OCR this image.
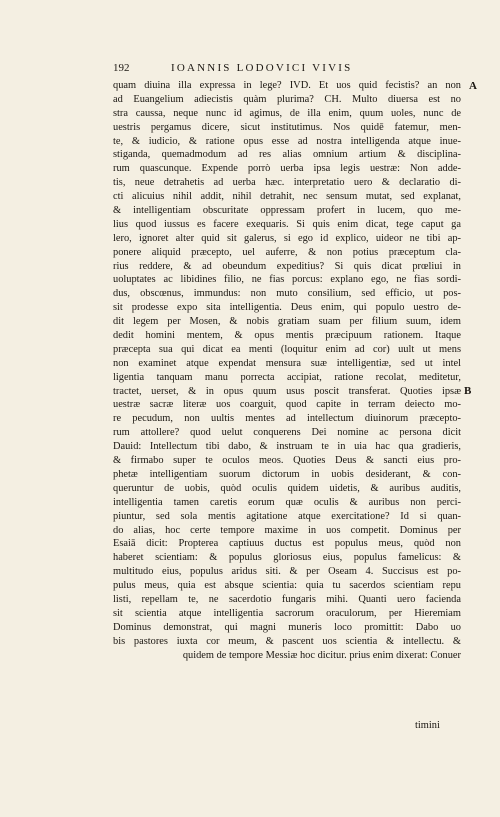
192	IOANNIS LODOVICI VIVIS
A
B
quam diuina illa expressa in lege? IVD. Et uos quid fecistis? an non
ad Euangelium adiecistis quàm plurima? CH. Multo diuersa est no
stra caussa, neque nunc id agimus, de illa enim, quum uoles, nunc de
uestris pergamus dicere, sicut institutimus. Nos quidē fatemur, men-
te, & iudicio, & ratione opus esse ad nostra intelligenda atque inue-
stiganda, quemadmodum ad res alias omnium artium & disciplina-
rum quascunque. Expende porrò uerba ipsa legis uestræ: Non adde-
tis, neue detrahetis ad uerba hæc. interpretatio uero & declaratio di-
cti alicuius nihil addit, nihil detrahit, nec sensum mutat, sed explanat,
& intelligentiam obscuritate oppressam profert in lucem, quo me-
lius quod iussus es facere exequaris. Si quis enim dicat, tege caput ga
lero, ignoret alter quid sit galerus, si ego id explico, uideor ne tibi ap-
ponere aliquid præcepto, uel auferre, & non potius præceptum cla-
rius reddere, & ad obeundum expeditius? Si quis dicat prœliui in
uoluptates ac libidines filio, ne fias porcus: explano ego, ne fias sordi-
dus, obscœnus, immundus: non muto consilium, sed efficio, ut pos-
sit prodesse expo sita intelligentia. Deus enim, qui populo uestro de-
dit legem per Mosen, & nobis gratiam suam per filium suum, idem
dedit homini mentem, & opus mentis præcipuum rationem. Itaque
præcepta sua qui dicat ea menti (loquitur enim ad cor) uult ut mens
non examinet atque expendat mensura suæ intelligentiæ, sed ut intel
ligentia tanquam manu porrecta accipiat, ratione recolat, meditetur,
tractet, uerset, & in opus quum usus poscit transferat. Quoties ipsæ
uestræ sacræ literæ uos coarguit, quod capite in terram deiecto mo-
re pecudum, non uultis mentes ad intellectum diuinorum præcepto-
rum attollere? quod uelut conquerens Dei nomine ac persona dicit
Dauid: Intellectum tibi dabo, & instruam te in uia hac qua gradieris,
& firmabo super te oculos meos. Quoties Deus & sancti eius pro-
phetæ intelligentiam suorum dictorum in uobis desiderant, & con-
queruntur de uobis, quòd oculis quidem uidetis, & auribus auditis,
intelligentia tamen caretis eorum quæ oculis & auribus non perci-
piuntur, sed sola mentis agitatione atque exercitatione? Id si quan-
do alias, hoc certe tempore maxime in uos competit. Dominus per
Esaiā dicit: Propterea captiuus ductus est populus meus, quòd non
haberet scientiam: & populus gloriosus eius, populus famelicus: &
multitudo eius, populus aridus siti. & per Oseam 4. Succisus est po-
pulus meus, quia est absque scientia: quia tu sacerdos scientiam repu
listi, repellam te, ne sacerdotio fungaris mihi. Quanti uero facienda
sit scientia atque intelligentia sacrorum oraculorum, per Hieremiam
Dominus demonstrat, qui magni muneris loco promittit: Dabo uo
bis pastores iuxta cor meum, & pascent uos scientia & intellectu. &
quidem de tempore Messiæ hoc dicitur. prius enim dixerat: Conuer
timini
